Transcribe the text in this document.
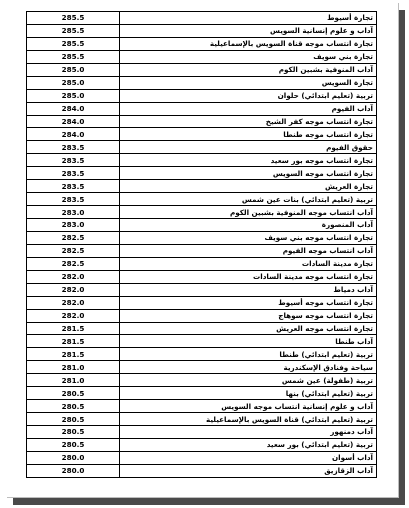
285.5	تجارة أسيوط
285.5	آداب و علوم إنسانية السويس
285.5	تجارة انتساب موجه قناة السويس بالإسماعيلية
285.5	تجارة بني سويف
285.0	آداب المنوفية بشبين الكوم
285.0	تجارة السويس
285.0	تربية (تعليم ابتدائي) حلوان
284.0	آداب الفيوم
284.0	تجارة انتساب موجه كفر الشيخ
284.0	تجارة انتساب موجه طنطا
283.5	حقوق الفيوم
283.5	تجارة انتساب موجه بور سعيد
283.5	تجارة انتساب موجه السويس
283.5	تجارة العريش
283.5	تربية (تعليم ابتدائي) بنات عين شمس
283.0	آداب انتساب موجه المنوفية بشبين الكوم
283.0	آداب المنصورة
282.5	تجارة انتساب موجه بني سويف
282.5	آداب انتساب موجه الفيوم
282.5	تجارة مدينة السادات
282.0	تجارة انتساب موجه مدينة السادات
282.0	آداب دمياط
282.0	تجارة انتساب موجه أسيوط
282.0	تجارة انتساب موجه سوهاج
281.5	تجارة انتساب موجه العريش
281.5	آداب طنطا
281.5	تربية (تعليم ابتدائي) طنطا
281.0	سياحة وفنادق الإسكندرية
281.0	تربية (طفولة) عين شمس
280.5	تربية (تعليم ابتدائي) بنها
280.5	آداب و علوم إنسانية انتساب موجه السويس
280.5	تربية (تعليم ابتدائي) قناة السويس بالإسماعيلية
280.5	آداب دمنهور
280.5	تربية (تعليم ابتدائي) بور سعيد
280.0	آداب أسوان
280.0	آداب الزقازيق
